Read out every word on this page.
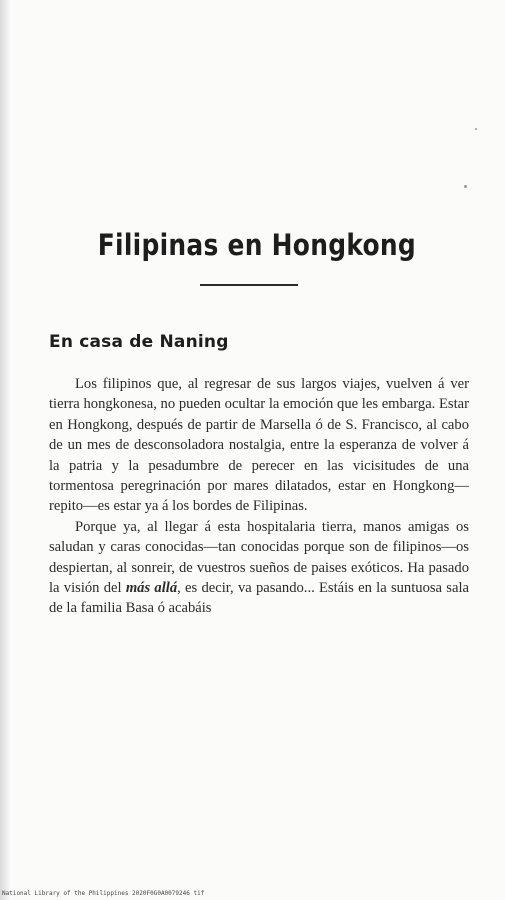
Filipinas en Hongkong
En casa de Naning

Los filipinos que, al regresar de sus largos viajes, vuelven á ver tierra hongkonesa, no pueden ocultar la emoción que les embarga. Estar en Hongkong, después de partir de Marsella ó de S. Francisco, al cabo de un mes de desconsoladora nostalgia, entre la esperanza de volver á la patria y la pesadumbre de perecer en las vicisitudes de una tormentosa peregrinación por mares dilatados, estar en Hongkong—repito—es estar ya á los bordes de Filipinas.

Porque ya, al llegar á esta hospitalaria tierra, manos amigas os saludan y caras conocidas—tan conocidas porque son de filipinos—os despiertan, al sonreir, de vuestros sueños de paises exóticos. Ha pasado la visión del más allá, es decir, va pasando... Estáis en la suntuosa sala de la familia Basa ó acabáis

National Library of the Philippines 2020F0G0A0079246 tif
